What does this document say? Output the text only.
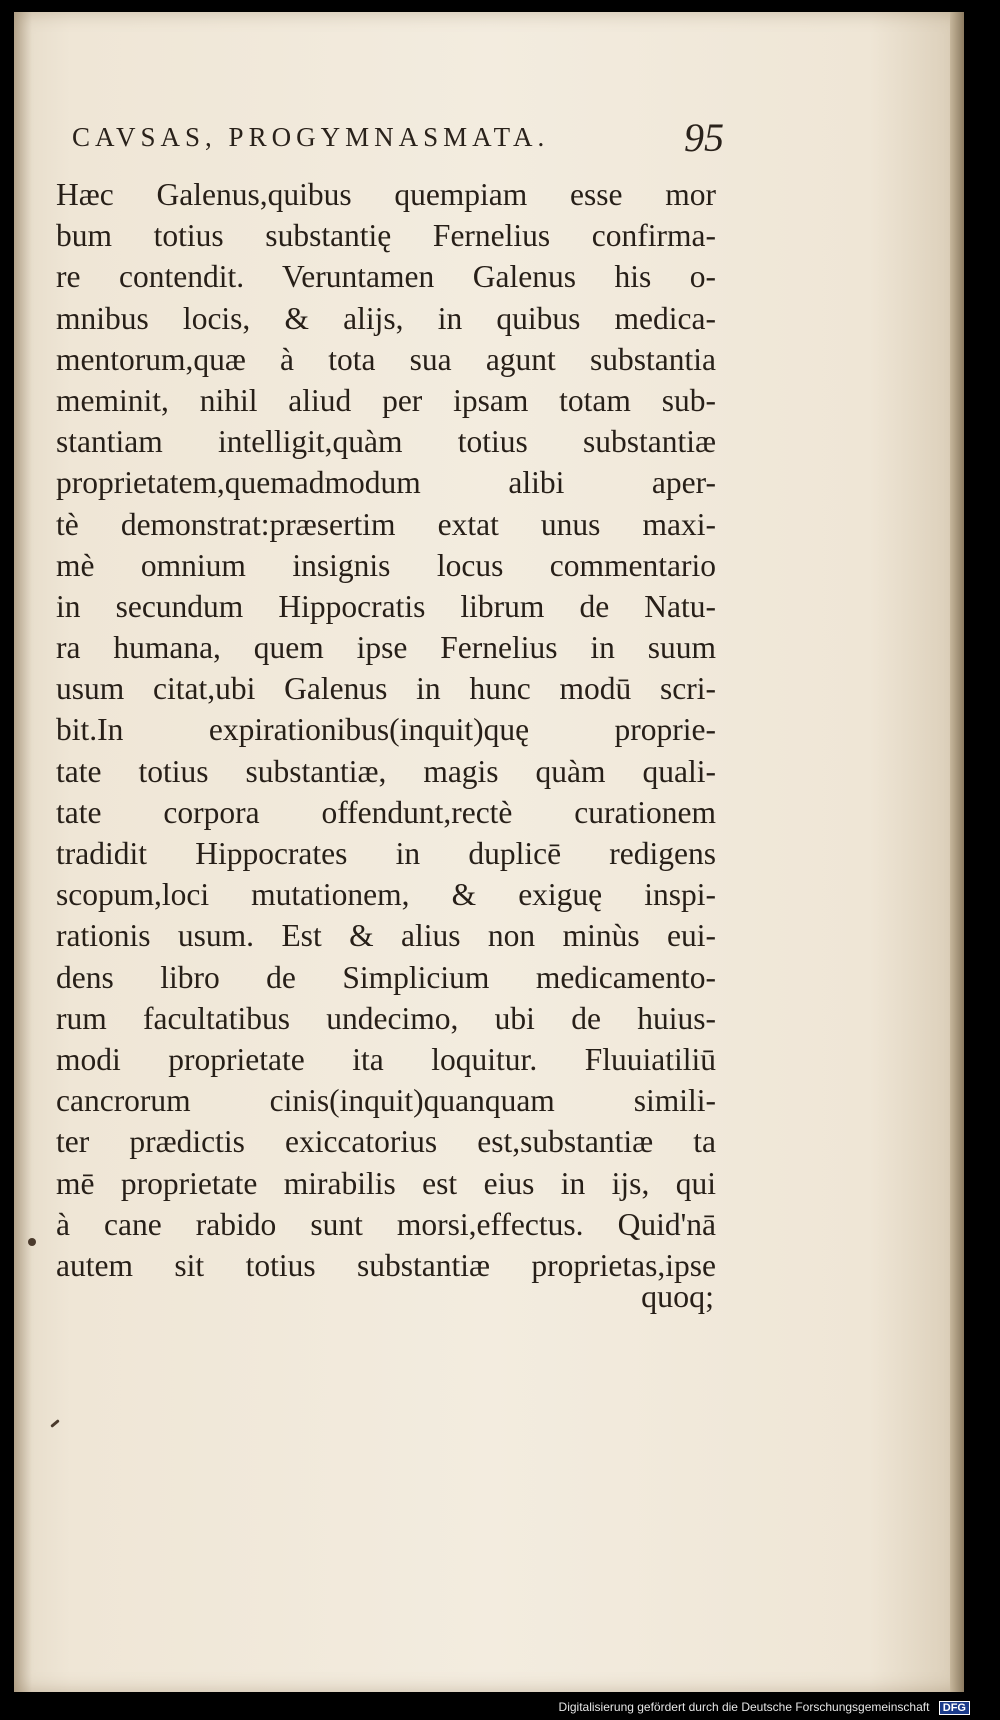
CAVSAS, PROGYMNASMATA.	95
Hæc Galenus,quibus quempiam esse mor
bum totius substantię Fernelius confirma-
re contendit. Veruntamen Galenus his o-
mnibus locis, & alijs, in quibus medica-
mentorum,quæ à tota sua agunt substantia
meminit, nihil aliud per ipsam totam sub-
stantiam intelligit,quàm totius substantiæ
proprietatem,quemadmodum alibi aper-
tè demonstrat:præsertim extat unus maxi-
mè omnium insignis locus commentario
in secundum Hippocratis librum de Natu-
ra humana, quem ipse Fernelius in suum
usum citat,ubi Galenus in hunc modū scri-
bit.In expirationibus(inquit)quę proprie-
tate totius substantiæ, magis quàm quali-
tate corpora offendunt,rectè curationem
tradidit Hippocrates in duplicē redigens
scopum,loci mutationem, & exiguę inspi-
rationis usum. Est & alius non minùs eui-
dens libro de Simplicium medicamento-
rum facultatibus undecimo, ubi de huius-
modi proprietate ita loquitur. Fluuiatiliū
cancrorum cinis(inquit)quanquam simili-
ter prædictis exiccatorius est,substantiæ ta
mē proprietate mirabilis est eius in ijs, qui
à cane rabido sunt morsi,effectus. Quid'nā
autem sit totius substantiæ proprietas,ipse
quoq;
Digitalisierung gefördert durch die Deutsche Forschungsgemeinschaft DFG
